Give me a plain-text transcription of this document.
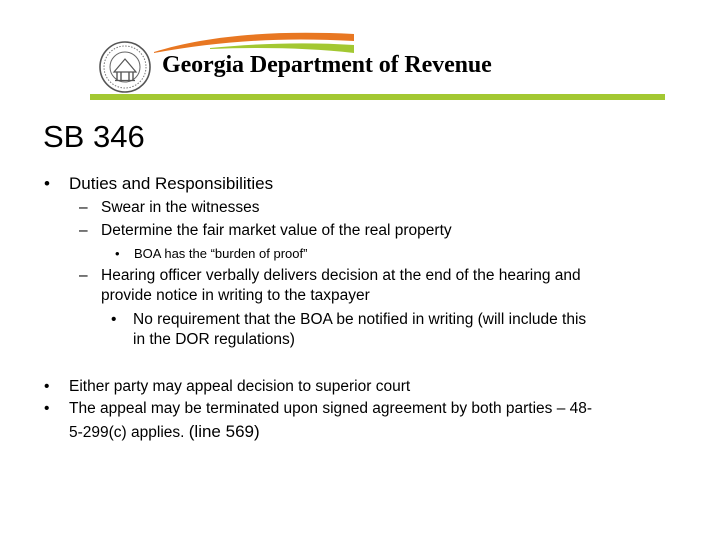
Georgia Department of Revenue
SB 346
• Duties and Responsibilities
– Swear in the witnesses
– Determine the fair market value of the real property
• BOA has the “burden of proof”
– Hearing officer verbally delivers decision at the end of the hearing and
provide notice in writing to the taxpayer
• No requirement that the BOA be notified in writing (will include this
in the DOR regulations)
• Either party may appeal decision to superior court
• The appeal may be terminated upon signed agreement by both parties – 48-
5-299(c) applies. (line 569)
